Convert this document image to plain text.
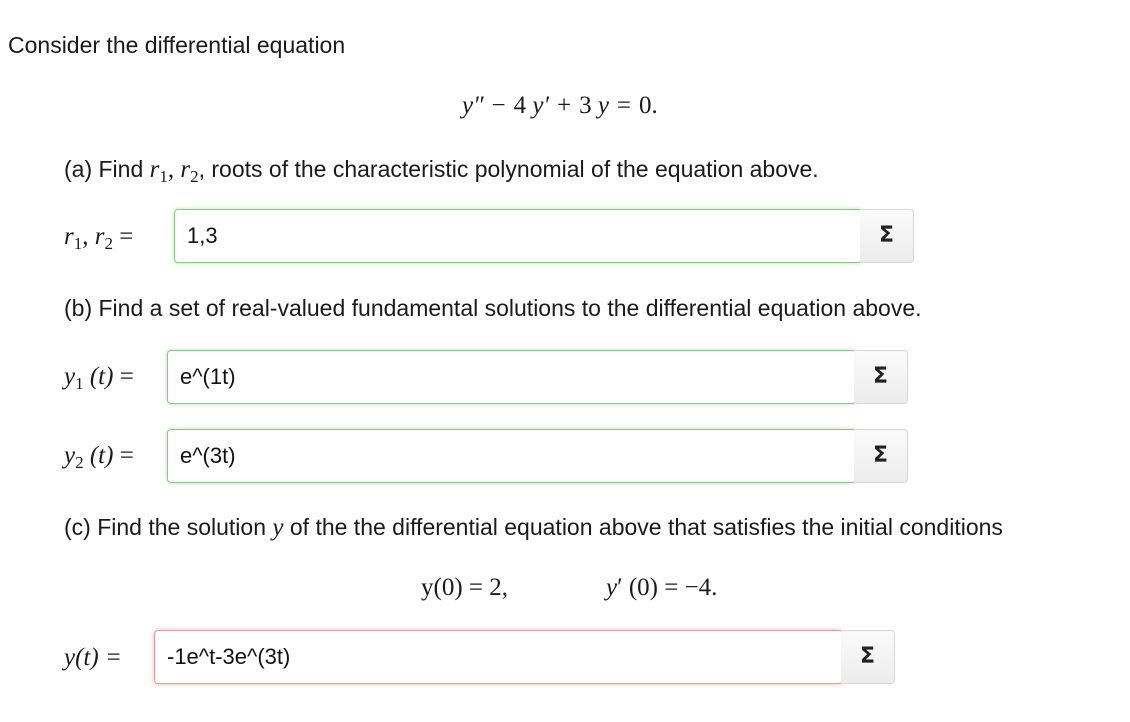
Consider the differential equation
y″ − 4 y′ + 3 y = 0.
(a) Find $r_1$, $r_2$, roots of the characteristic polynomial of the equation above.
$r_1$, $r_2$ =
1,3	Σ
(b) Find a set of real-valued fundamental solutions to the differential equation above.
$y_1$ (t) =
e^(1t)	Σ
$y_2$ (t) =
e^(3t)	Σ
(c) Find the solution y of the the differential equation above that satisfies the initial conditions
y(0) = 2,	y′ (0) = −4.
y(t) =
-1e^t-3e^(3t)	Σ
